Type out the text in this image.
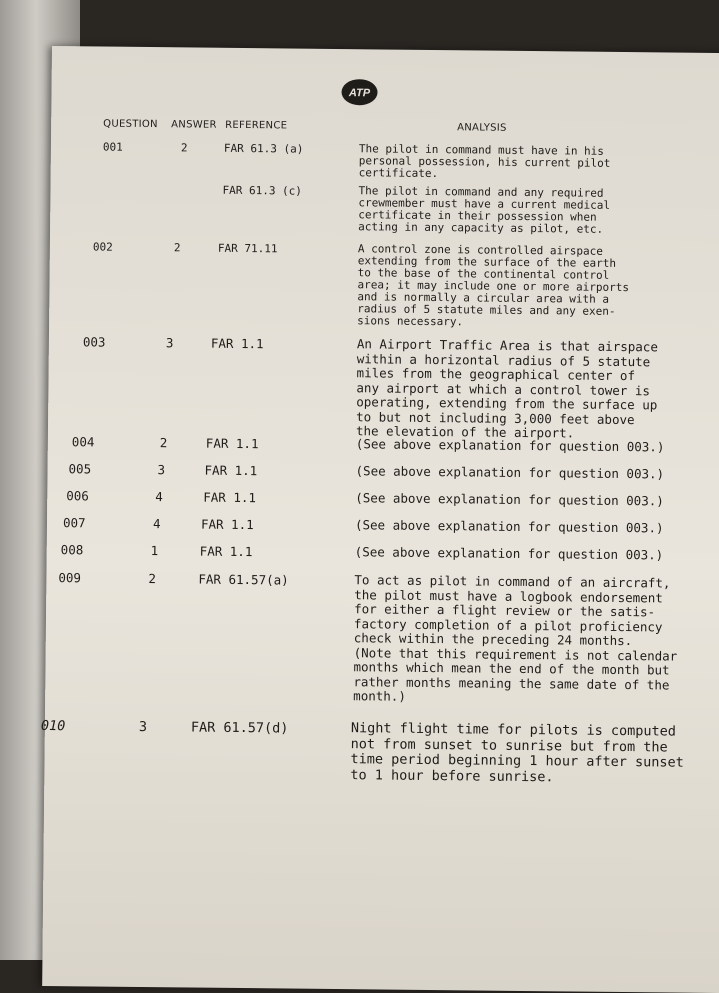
ATP
QUESTION ANSWER REFERENCE	ANALYSIS
001	2	FAR 61.3 (a)	The pilot in command must have in his
personal possession, his current pilot
certificate.
FAR 61.3 (c)	The pilot in command and any required
crewmember must have a current medical
certificate in their possession when
acting in any capacity as pilot, etc.
002	2	FAR 71.11	A control zone is controlled airspace
extending from the surface of the earth
to the base of the continental control
area; it may include one or more airports
and is normally a circular area with a
radius of 5 statute miles and any exen-
sions necessary.
003	3	FAR 1.1	An Airport Traffic Area is that airspace
within a horizontal radius of 5 statute
miles from the geographical center of
any airport at which a control tower is
operating, extending from the surface up
to but not including 3,000 feet above
the elevation of the airport.
004	2	FAR 1.1	(See above explanation for question 003.)
005	3	FAR 1.1	(See above explanation for question 003.)
006	4	FAR 1.1	(See above explanation for question 003.)
007	4	FAR 1.1	(See above explanation for question 003.)
008	1	FAR 1.1	(See above explanation for question 003.)
009	2	FAR 61.57(a)	To act as pilot in command of an aircraft,
the pilot must have a logbook endorsement
for either a flight review or the satis-
factory completion of a pilot proficiency
check within the preceding 24 months.
(Note that this requirement is not calendar
months which mean the end of the month but
rather months meaning the same date of the
month.)
010	3	FAR 61.57(d)	Night flight time for pilots is computed
not from sunset to sunrise but from the
time period beginning 1 hour after sunset
to 1 hour before sunrise.
